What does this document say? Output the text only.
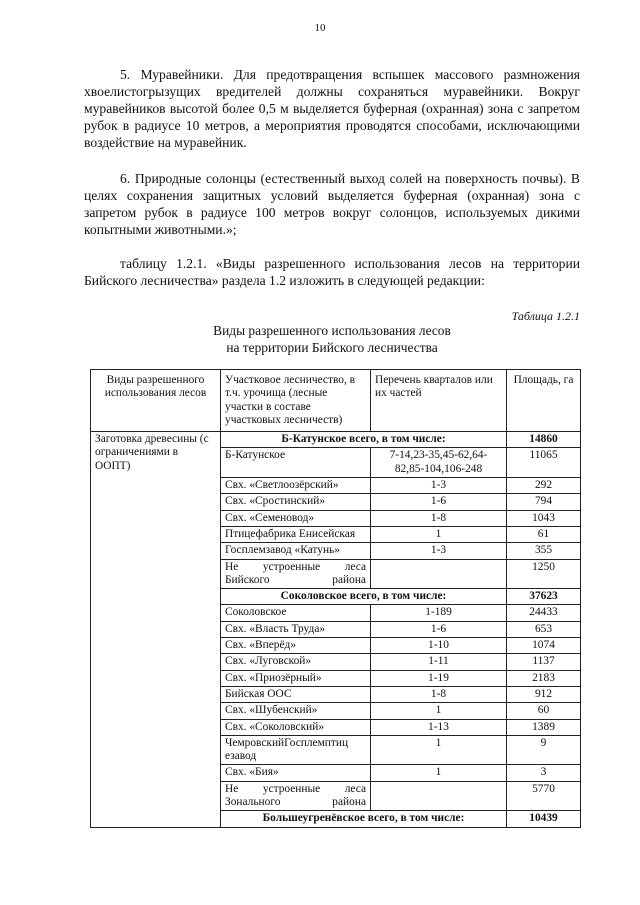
10

5. Муравейники. Для предотвращения вспышек массового размножения хвоелистогрызущих вредителей должны сохраняться муравейники. Вокруг муравейников высотой более 0,5 м выделяется буферная (охранная) зона с запретом рубок в радиусе 10 метров, а мероприятия проводятся способами, исключающими воздействие на муравейник.

6. Природные солонцы (естественный выход солей на поверхность почвы). В целях сохранения защитных условий выделяется буферная (охранная) зона с запретом рубок в радиусе 100 метров вокруг солонцов, используемых дикими копытными животными.»;

таблицу 1.2.1. «Виды разрешенного использования лесов на территории Бийского лесничества» раздела 1.2 изложить в следующей редакции:

Таблица 1.2.1
Виды разрешенного использования лесов
на территории Бийского лесничества
Виды разрешенного использования лесов	Участковое лесничество, в т.ч. урочища (лесные участки в составе участковых лесничеств)	Перечень кварталов или их частей	Площадь, га
Заготовка древесины (с ограничениями в ООПТ)	Б-Катунское всего, в том числе:		14860
	Б-Катунское	7-14,23-35,45-62,64-82,85-104,106-248	11065
	Свх. «Светлоозёрский»	1-3	292
	Свх. «Сростинский»	1-6	794
	Свх. «Семеновод»	1-8	1043
	Птицефабрика Енисейская	1	61
	Госплемзавод «Катунь»	1-3	355
	Не устроенные леса Бийского района		1250
	Соколовское всего, в том числе:		37623
	Соколовское	1-189	24433
	Свх. «Власть Труда»	1-6	653
	Свх. «Вперёд»	1-10	1074
	Свх. «Луговской»	1-11	1137
	Свх. «Приозёрный»	1-19	2183
	Бийская ООС	1-8	912
	Свх. «Шубенский»	1	60
	Свх. «Соколовский»	1-13	1389
	ЧемровскийГосплемптиц езавод	1	9
	Свх. «Бия»	1	3
	Не устроенные леса Зонального района		5770
	Большеугренёвское всего, в том числе:		10439
